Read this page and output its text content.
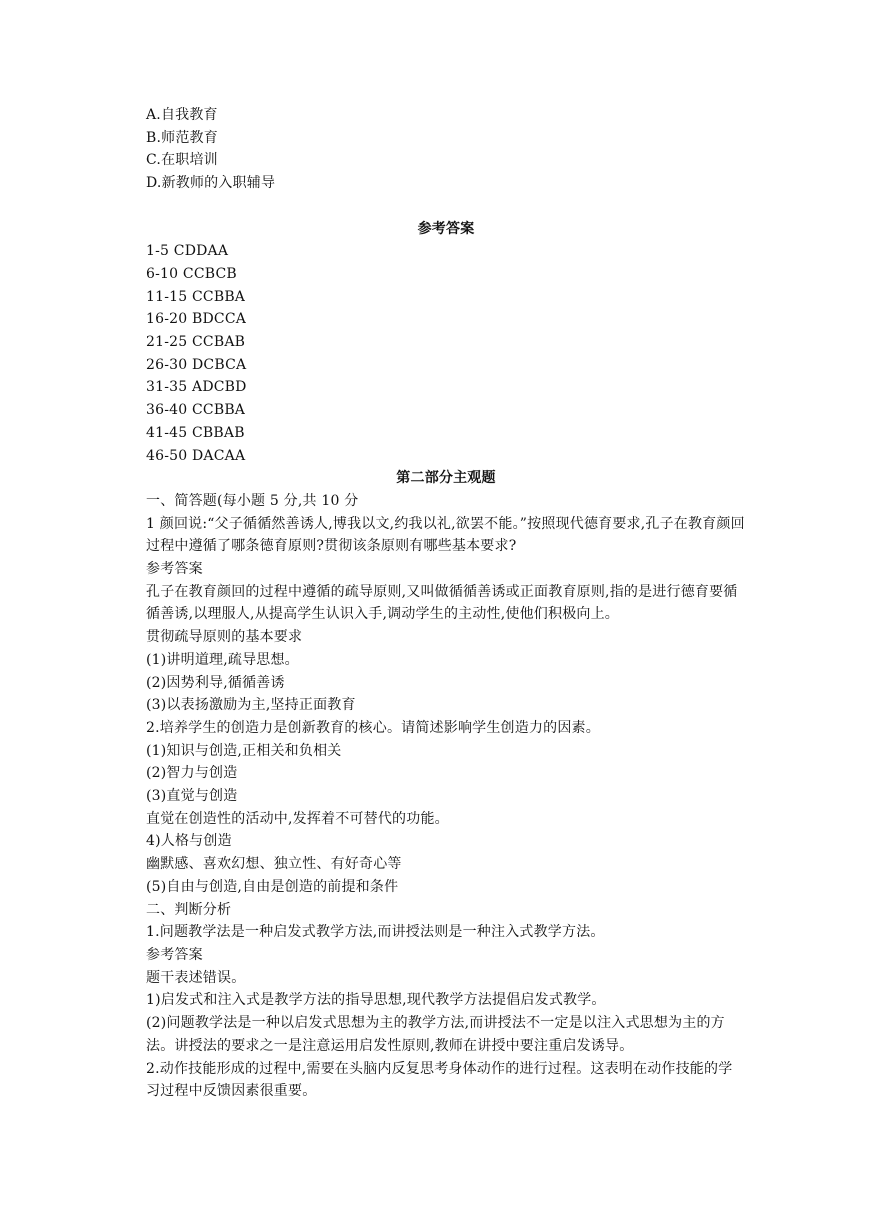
A.自我教育
B.师范教育
C.在职培训
D.新教师的入职辅导
参考答案
1-5 CDDAA
6-10 CCBCB
11-15 CCBBA
16-20 BDCCA
21-25 CCBAB
26-30 DCBCA
31-35 ADCBD
36-40 CCBBA
41-45 CBBAB
46-50 DACAA
第二部分主观题
一、简答题(每小题 5 分,共 10 分
1 颜回说:“父子循循然善诱人,博我以文,约我以礼,欲罢不能。”按照现代德育要求,孔子在教育颜回过程中遵循了哪条德育原则?贯彻该条原则有哪些基本要求?
参考答案
孔子在教育颜回的过程中遵循的疏导原则,又叫做循循善诱或正面教育原则,指的是进行德育要循循善诱,以理服人,从提高学生认识入手,调动学生的主动性,使他们积极向上。
贯彻疏导原则的基本要求
(1)讲明道理,疏导思想。
(2)因势利导,循循善诱
(3)以表扬激励为主,坚持正面教育
2.培养学生的创造力是创新教育的核心。请简述影响学生创造力的因素。
(1)知识与创造,正相关和负相关
(2)智力与创造
(3)直觉与创造
直觉在创造性的活动中,发挥着不可替代的功能。
4)人格与创造
幽默感、喜欢幻想、独立性、有好奇心等
(5)自由与创造,自由是创造的前提和条件
二、判断分析
1.问题教学法是一种启发式教学方法,而讲授法则是一种注入式教学方法。
参考答案
题干表述错误。
1)启发式和注入式是教学方法的指导思想,现代教学方法提倡启发式教学。
(2)问题教学法是一种以启发式思想为主的教学方法,而讲授法不一定是以注入式思想为主的方法。讲授法的要求之一是注意运用启发性原则,教师在讲授中要注重启发诱导。
2.动作技能形成的过程中,需要在头脑内反复思考身体动作的进行过程。这表明在动作技能的学习过程中反馈因素很重要。
